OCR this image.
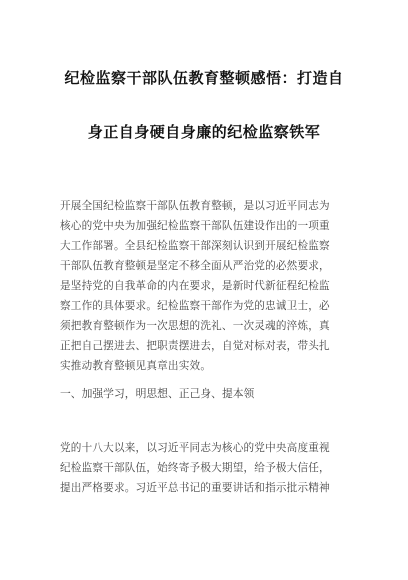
纪检监察干部队伍教育整顿感悟：打造自
身正自身硬自身廉的纪检监察铁军
开展全国纪检监察干部队伍教育整顿，是以习近平同志为
核心的党中央为加强纪检监察干部队伍建设作出的一项重
大工作部署。全县纪检监察干部深刻认识到开展纪检监察
干部队伍教育整顿是坚定不移全面从严治党的必然要求，
是坚持党的自我革命的内在要求，是新时代新征程纪检监
察工作的具体要求。纪检监察干部作为党的忠诚卫士，必
须把教育整顿作为一次思想的洗礼、一次灵魂的淬炼，真
正把自己摆进去、把职责摆进去，自觉对标对表，带头扎
实推动教育整顿见真章出实效。
一、加强学习，明思想、正己身、提本领
党的十八大以来，以习近平同志为核心的党中央高度重视
纪检监察干部队伍，始终寄予极大期望，给予极大信任，
提出严格要求。习近平总书记的重要讲话和指示批示精神
